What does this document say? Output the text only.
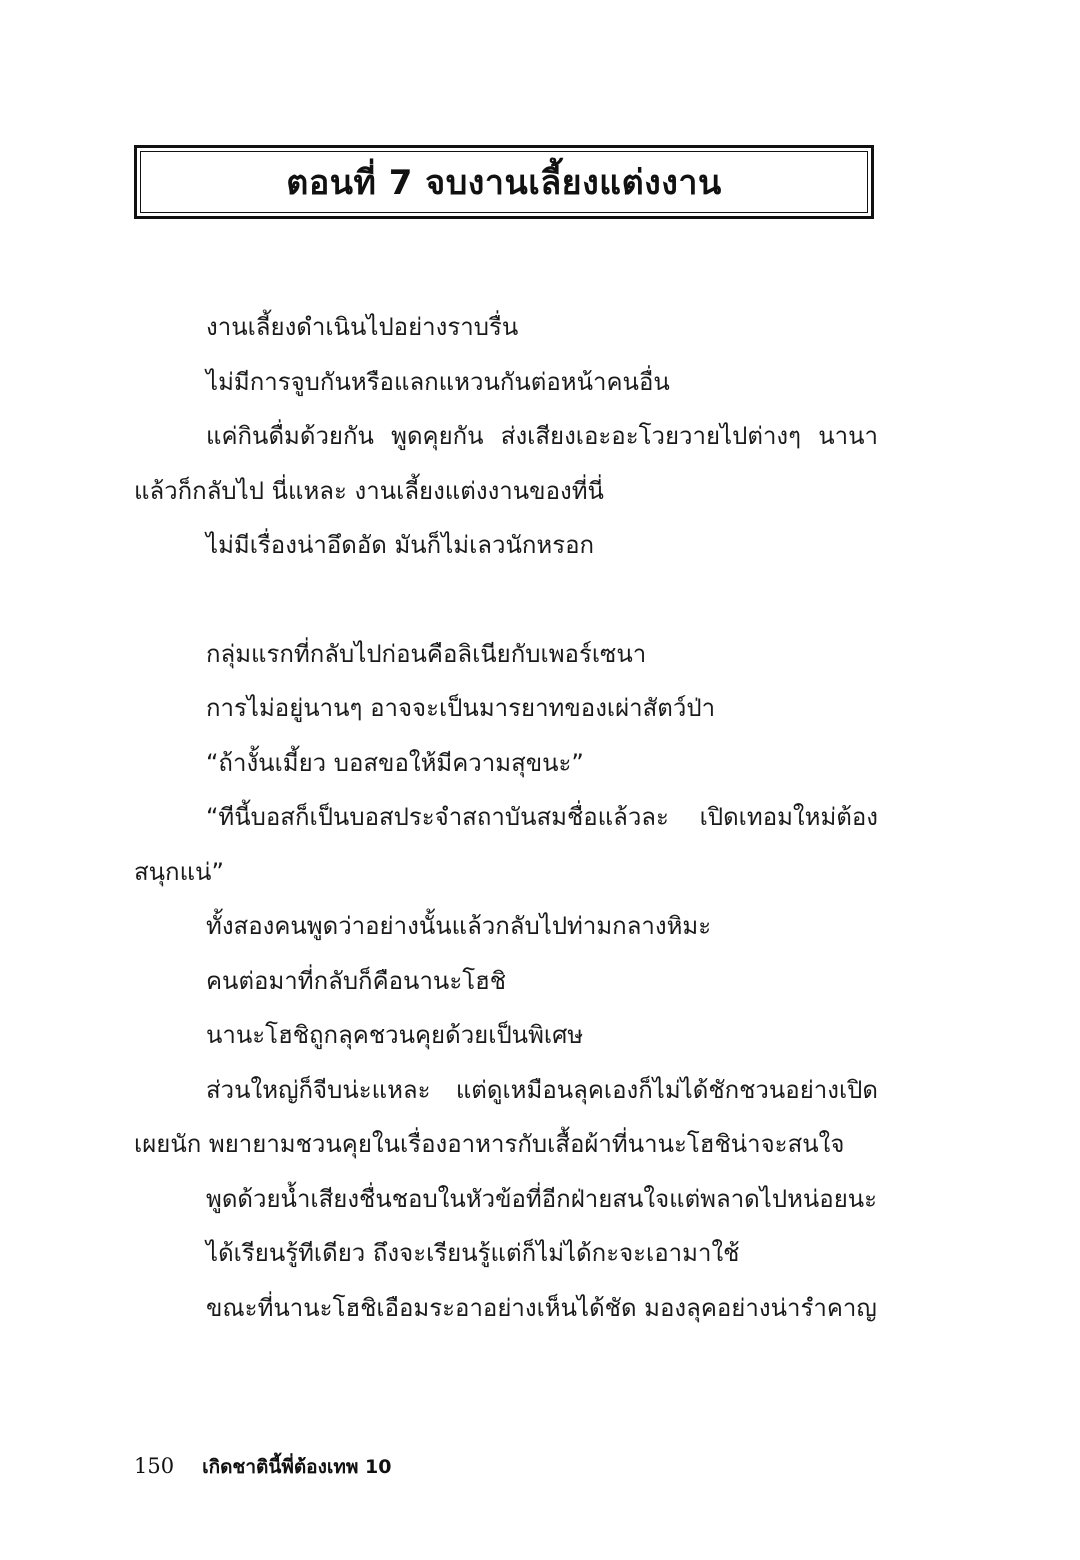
ตอนที่ 7 จบงานเลี้ยงแต่งงาน

งานเลี้ยงดำเนินไปอย่างราบรื่น

ไม่มีการจูบกันหรือแลกแหวนกันต่อหน้าคนอื่น

แค่กินดื่มด้วยกัน พูดคุยกัน ส่งเสียงเอะอะโวยวายไปต่างๆ นานา แล้วก็กลับไป นี่แหละ งานเลี้ยงแต่งงานของที่นี่

ไม่มีเรื่องน่าอึดอัด มันก็ไม่เลวนักหรอก

กลุ่มแรกที่กลับไปก่อนคือลิเนียกับเพอร์เซนา

การไม่อยู่นานๆ อาจจะเป็นมารยาทของเผ่าสัตว์ป่า

“ถ้างั้นเมี้ยว บอสขอให้มีความสุขนะ”

“ทีนี้บอสก็เป็นบอสประจำสถาบันสมชื่อแล้วละ เปิดเทอมใหม่ต้องสนุกแน่”

ทั้งสองคนพูดว่าอย่างนั้นแล้วกลับไปท่ามกลางหิมะ

คนต่อมาที่กลับก็คือนานะโฮชิ

นานะโฮชิถูกลุคชวนคุยด้วยเป็นพิเศษ

ส่วนใหญ่ก็จีบน่ะแหละ แต่ดูเหมือนลุคเองก็ไม่ได้ชักชวนอย่างเปิดเผยนัก พยายามชวนคุยในเรื่องอาหารกับเสื้อผ้าที่นานะโฮชิน่าจะสนใจ

พูดด้วยน้ำเสียงชื่นชอบในหัวข้อที่อีกฝ่ายสนใจแต่พลาดไปหน่อยนะ

ได้เรียนรู้ทีเดียว ถึงจะเรียนรู้แต่ก็ไม่ได้กะจะเอามาใช้

ขณะที่นานะโฮชิเอือมระอาอย่างเห็นได้ชัด มองลุคอย่างน่ารำคาญ

150 เกิดชาตินี้พี่ต้องเทพ 10
